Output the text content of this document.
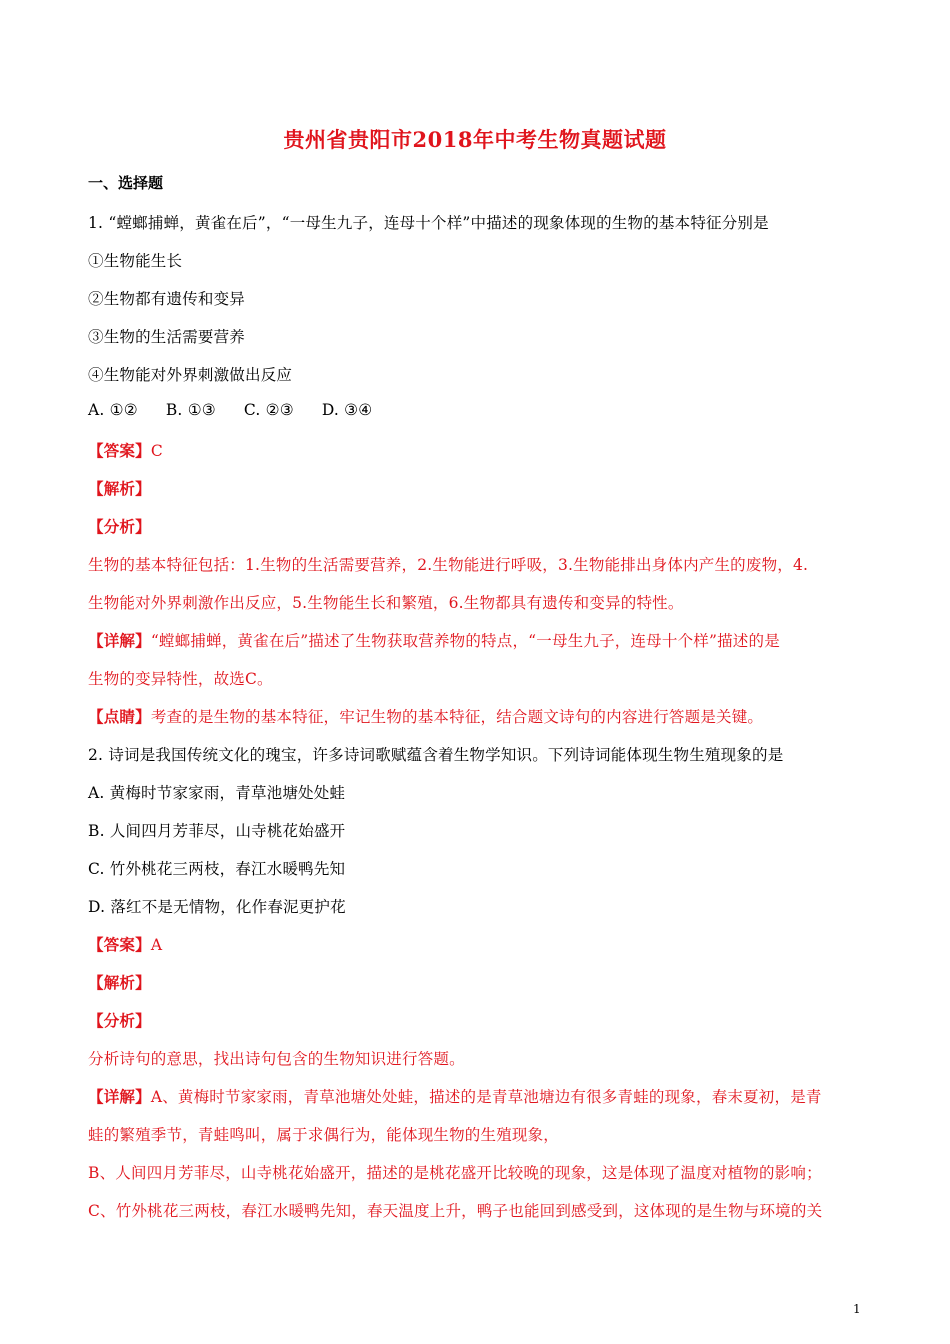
贵州省贵阳市2018年中考生物真题试题
一、选择题
1. “螳螂捕蝉，黄雀在后”，“一母生九子，连母十个样”中描述的现象体现的生物的基本特征分别是
①生物能生长
②生物都有遗传和变异
③生物的生活需要营养
④生物能对外界刺激做出反应
A. ①② B. ①③ C. ②③ D. ③④
【答案】C
【解析】
【分析】
生物的基本特征包括：1.生物的生活需要营养，2.生物能进行呼吸，3.生物能排出身体内产生的废物，4.
生物能对外界刺激作出反应，5.生物能生长和繁殖，6.生物都具有遗传和变异的特性。
【详解】“螳螂捕蝉，黄雀在后”描述了生物获取营养物的特点，“一母生九子，连母十个样”描述的是
生物的变异特性，故选C。
【点睛】考查的是生物的基本特征，牢记生物的基本特征，结合题文诗句的内容进行答题是关键。
2. 诗词是我国传统文化的瑰宝，许多诗词歌赋蕴含着生物学知识。下列诗词能体现生物生殖现象的是
A. 黄梅时节家家雨，青草池塘处处蛙
B. 人间四月芳菲尽，山寺桃花始盛开
C. 竹外桃花三两枝，春江水暖鸭先知
D. 落红不是无情物，化作春泥更护花
【答案】A
【解析】
【分析】
分析诗句的意思，找出诗句包含的生物知识进行答题。
【详解】A、黄梅时节家家雨，青草池塘处处蛙，描述的是青草池塘边有很多青蛙的现象，春末夏初，是青
蛙的繁殖季节，青蛙鸣叫，属于求偶行为，能体现生物的生殖现象，
B、人间四月芳菲尽，山寺桃花始盛开，描述的是桃花盛开比较晚的现象，这是体现了温度对植物的影响；
C、竹外桃花三两枝，春江水暖鸭先知，春天温度上升，鸭子也能回到感受到，这体现的是生物与环境的关
1
